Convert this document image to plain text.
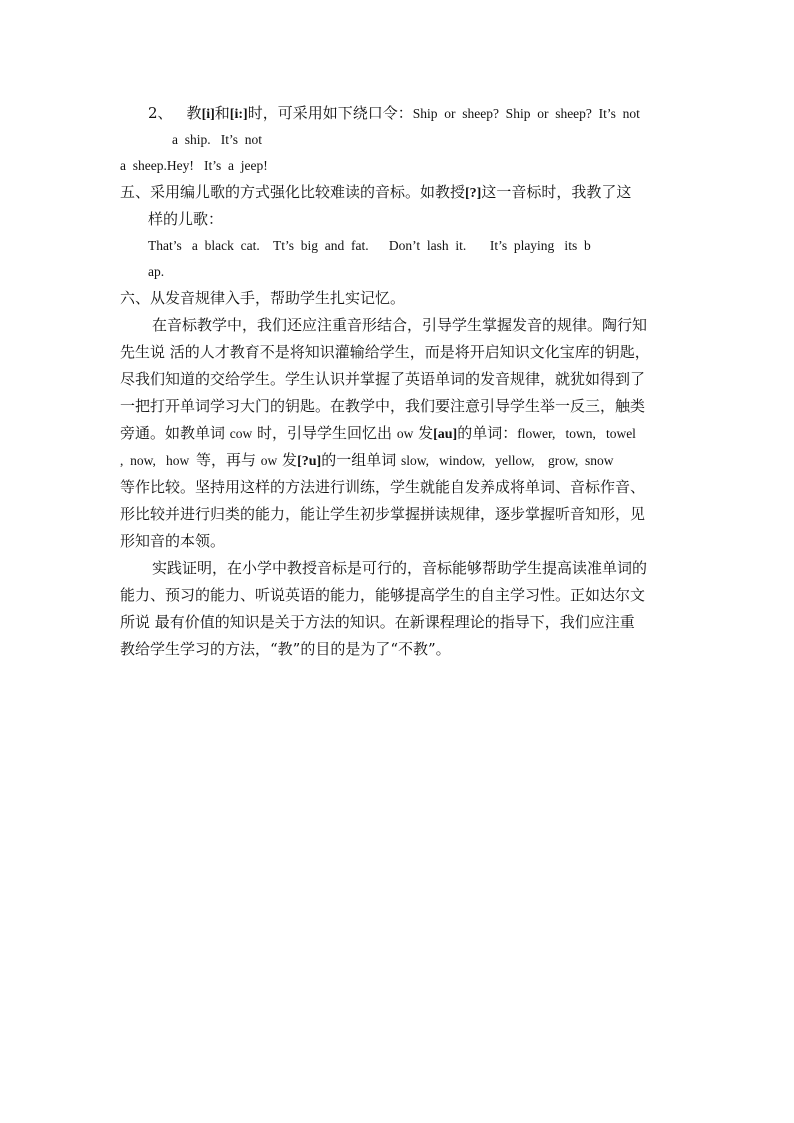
2、 教[i]和[i:]时，可采用如下绕口令：Ship  or  sheep?  Ship  or  sheep?  It’s  not
a  ship.   It’s  not
a  sheep.Hey!   It’s  a  jeep!
五、采用编儿歌的方式强化比较难读的音标。如教授[?]这一音标时，我教了这
样的儿歌：
That’s   a  black  cat.    Tt’s  big  and  fat.      Don’t  lash  it.       It’s  playing   its  b
ap.
六、从发音规律入手，帮助学生扎实记忆。
在音标教学中，我们还应注重音形结合，引导学生掌握发音的规律。陶行知
先生说 活的人才教育不是将知识灌输给学生，而是将开启知识文化宝库的钥匙，
尽我们知道的交给学生。学生认识并掌握了英语单词的发音规律，就犹如得到了
一把打开单词学习大门的钥匙。在教学中，我们要注意引导学生举一反三，触类
旁通。如教单词 cow 时，引导学生回忆出 ow 发[au]的单词：flower,   town,   towel
,  now,   how  等，再与 ow 发[?u]的一组单词 slow,   window,   yellow,    grow,  snow
等作比较。坚持用这样的方法进行训练，学生就能自发养成将单词、音标作音、
形比较并进行归类的能力，能让学生初步掌握拼读规律，逐步掌握听音知形，见
形知音的本领。
实践证明，在小学中教授音标是可行的，音标能够帮助学生提高读准单词的
能力、预习的能力、听说英语的能力，能够提高学生的自主学习性。正如达尔文
所说 最有价值的知识是关于方法的知识。在新课程理论的指导下，我们应注重
教给学生学习的方法，“教”的目的是为了“不教”。
